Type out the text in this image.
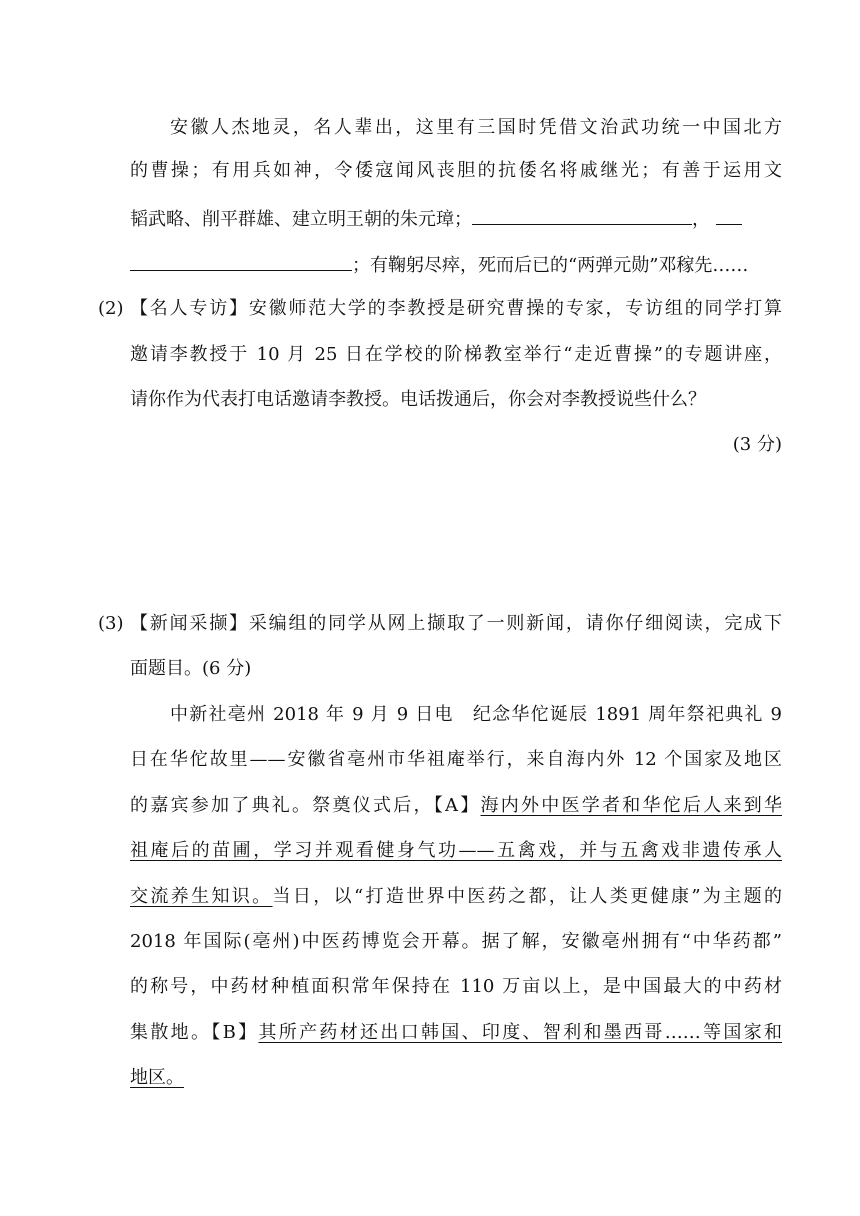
安徽人杰地灵，名人辈出，这里有三国时凭借文治武功统一中国北方

的曹操；有用兵如神，令倭寇闻风丧胆的抗倭名将戚继光；有善于运用文

韬武略、削平群雄、建立明王朝的朱元璋；	，

；有鞠躬尽瘁，死而后已的“两弹元勋”邓稼先……

(2) 【名人专访】安徽师范大学的李教授是研究曹操的专家，专访组的同学打算

邀请李教授于 10 月 25 日在学校的阶梯教室举行“走近曹操”的专题讲座，

请你作为代表打电话邀请李教授。电话拨通后，你会对李教授说些什么？

(3 分)

(3) 【新闻采撷】采编组的同学从网上撷取了一则新闻，请你仔细阅读，完成下

面题目。(6 分)

中新社亳州 2018 年 9 月 9 日电　纪念华佗诞辰 1891 周年祭祀典礼 9

日在华佗故里——安徽省亳州市华祖庵举行，来自海内外 12 个国家及地区

的嘉宾参加了典礼。祭奠仪式后，【A】海内外中医学者和华佗后人来到华

祖庵后的苗圃，学习并观看健身气功——五禽戏，并与五禽戏非遗传承人

交流养生知识。当日，以“打造世界中医药之都，让人类更健康”为主题的

2018 年国际(亳州)中医药博览会开幕。据了解，安徽亳州拥有“中华药都”

的称号，中药材种植面积常年保持在 110 万亩以上，是中国最大的中药材

集散地。【B】其所产药材还出口韩国、印度、智利和墨西哥……等国家和

地区。
